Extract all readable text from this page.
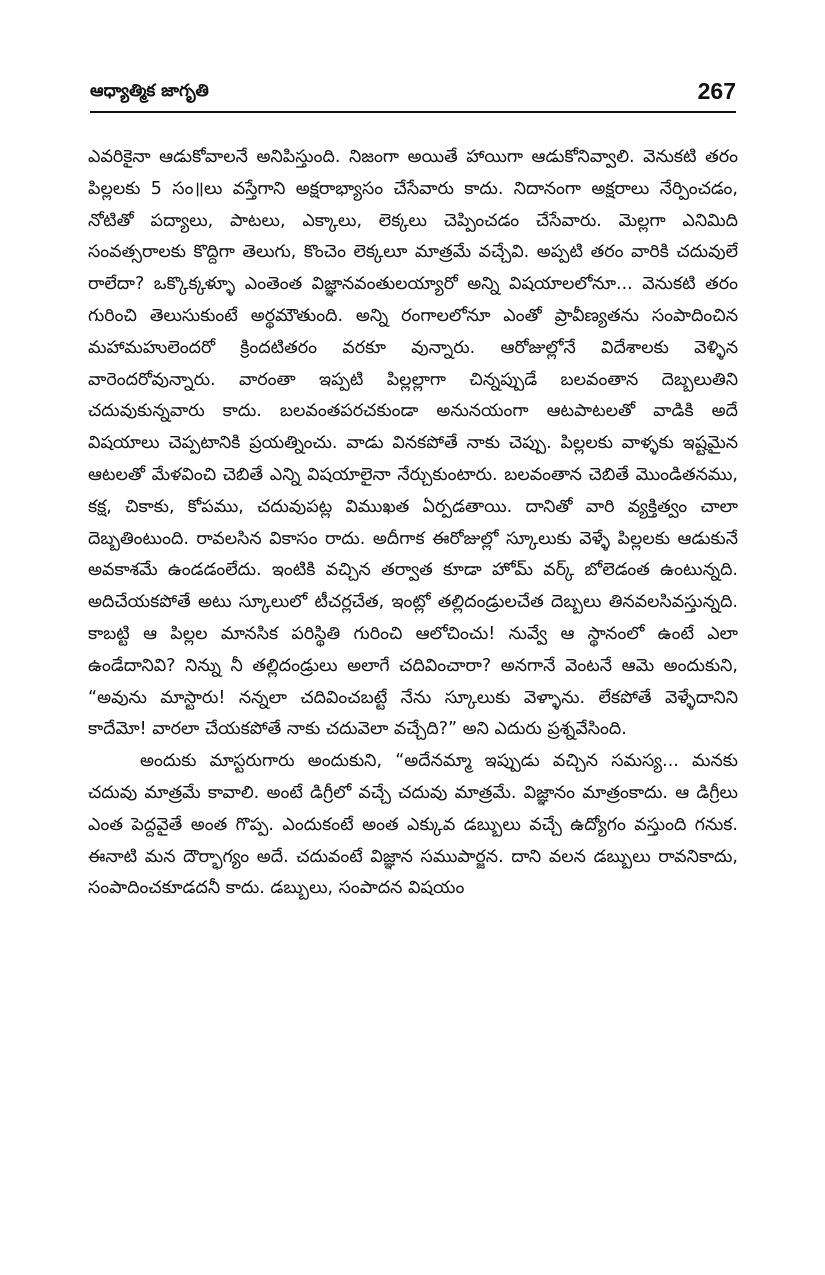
ఆధ్యాత్మిక జాగృతి	267

ఎవరికైనా ఆడుకోవాలనే అనిపిస్తుంది. నిజంగా అయితే హాయిగా ఆడుకోనివ్వాలి. వెనుకటి తరం పిల్లలకు 5 సం॥లు వస్తేగాని అక్షరాభ్యాసం చేసేవారు కాదు. నిదానంగా అక్షరాలు నేర్పించడం, నోటితో పద్యాలు, పాటలు, ఎక్కాలు, లెక్కలు చెప్పించడం చేసేవారు. మెల్లగా ఎనిమిది సంవత్సరాలకు కొద్దిగా తెలుగు, కొంచెం లెక్కలూ మాత్రమే వచ్చేవి. అప్పటి తరం వారికి చదువులే రాలేదా? ఒక్కొక్కళ్ళూ ఎంతెంత విజ్ఞానవంతులయ్యారో అన్ని విషయాలలోనూ... వెనుకటి తరం గురించి తెలుసుకుంటే అర్థమౌతుంది. అన్ని రంగాలలోనూ ఎంతో ప్రావీణ్యతను సంపాదించిన మహామహులెందరో క్రిందటితరం వరకూ వున్నారు. ఆరోజుల్లోనే విదేశాలకు వెళ్ళిన వారెందరోవున్నారు. వారంతా ఇప్పటి పిల్లల్లాగా చిన్నప్పుడే బలవంతాన దెబ్బలుతిని చదువుకున్నవారు కాదు. బలవంతపరచకుండా అనునయంగా ఆటపాటలతో వాడికి అదే విషయాలు చెప్పటానికి ప్రయత్నించు. వాడు వినకపోతే నాకు చెప్పు. పిల్లలకు వాళ్ళకు ఇష్టమైన ఆటలతో మేళవించి చెబితే ఎన్ని విషయాలైనా నేర్చుకుంటారు. బలవంతాన చెబితే మొండితనము, కక్ష, చికాకు, కోపము, చదువుపట్ల విముఖత ఏర్పడతాయి. దానితో వారి వ్యక్తిత్వం చాలా దెబ్బతింటుంది. రావలసిన వికాసం రాదు. అదీగాక ఈరోజుల్లో స్కూలుకు వెళ్ళే పిల్లలకు ఆడుకునే అవకాశమే ఉండడంలేదు. ఇంటికి వచ్చిన తర్వాత కూడా హోమ్ వర్క్ బోలెడంత ఉంటున్నది. అదిచేయకపోతే అటు స్కూలులో టీచర్లచేత, ఇంట్లో తల్లిదండ్రులచేత దెబ్బలు తినవలసివస్తున్నది. కాబట్టి ఆ పిల్లల మానసిక పరిస్థితి గురించి ఆలోచించు! నువ్వే ఆ స్థానంలో ఉంటే ఎలా ఉండేదానివి? నిన్ను నీ తల్లిదండ్రులు అలాగే చదివించారా? అనగానే వెంటనే ఆమె అందుకుని, “అవును మాస్టారు! నన్నలా చదివించబట్టే నేను స్కూలుకు వెళ్ళాను. లేకపోతే వెళ్ళేదానిని కాదేమో! వారలా చేయకపోతే నాకు చదువెలా వచ్చేది?” అని ఎదురు ప్రశ్నవేసింది.

అందుకు మాస్టరుగారు అందుకుని, “అదేనమ్మా ఇప్పుడు వచ్చిన సమస్య... మనకు చదువు మాత్రమే కావాలి. అంటే డిగ్రీలో వచ్చే చదువు మాత్రమే. విజ్ఞానం మాత్రంకాదు. ఆ డిగ్రీలు ఎంత పెద్దవైతే అంత గొప్ప. ఎందుకంటే అంత ఎక్కువ డబ్బులు వచ్చే ఉద్యోగం వస్తుంది గనుక. ఈనాటి మన దౌర్భాగ్యం అదే. చదువంటే విజ్ఞాన సముపార్జన. దాని వలన డబ్బులు రావనికాదు, సంపాదించకూడదనీ కాదు. డబ్బులు, సంపాదన విషయం
